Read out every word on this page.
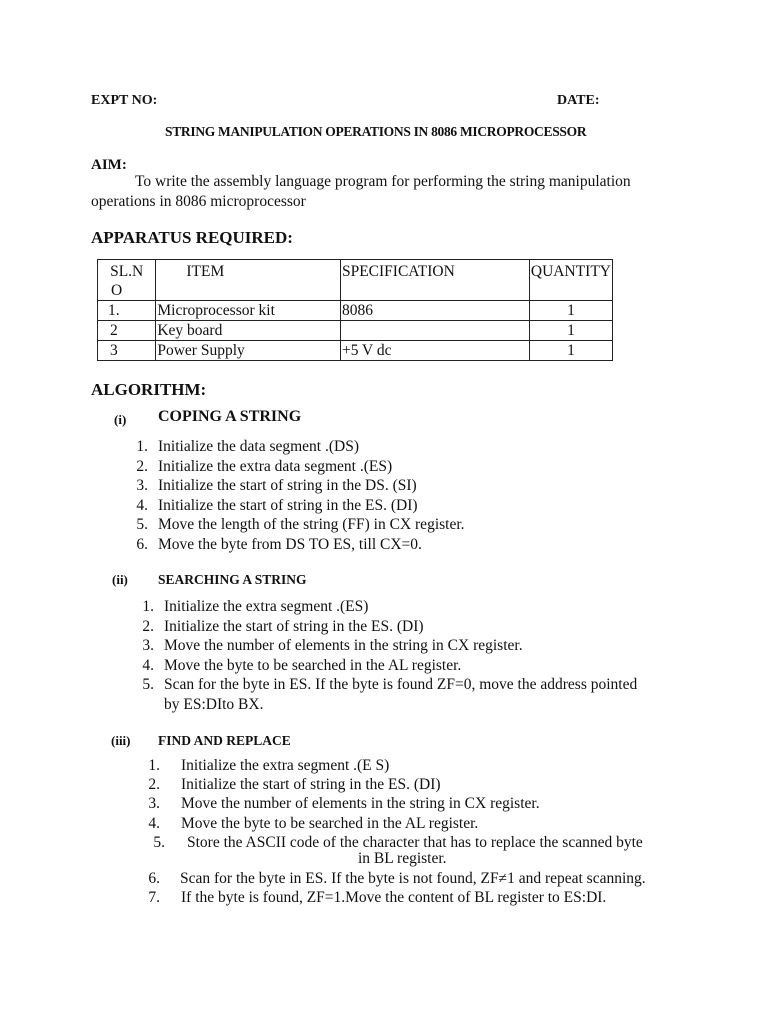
EXPT NO:	DATE:
STRING MANIPULATION OPERATIONS IN 8086 MICROPROCESSOR
AIM:
To write the assembly language program for performing the string manipulation
operations in 8086 microprocessor
APPARATUS REQUIRED:
SL.N
O	ITEM	SPECIFICATION	QUANTITY
1.	Microprocessor kit	8086	1
2	Key board		1
3	Power Supply	+5 V dc	1
ALGORITHM:
(i) COPING A STRING
1. Initialize the data segment .(DS)
2. Initialize the extra data segment .(ES)
3. Initialize the start of string in the DS. (SI)
4. Initialize the start of string in the ES. (DI)
5. Move the length of the string (FF) in CX register.
6. Move the byte from DS TO ES, till CX=0.
(ii) SEARCHING A STRING
1. Initialize the extra segment .(ES)
2. Initialize the start of string in the ES. (DI)
3. Move the number of elements in the string in CX register.
4. Move the byte to be searched in the AL register.
5. Scan for the byte in ES. If the byte is found ZF=0, move the address pointed
by ES:DIto BX.
(iii) FIND AND REPLACE
1. Initialize the extra segment .(E S)
2. Initialize the start of string in the ES. (DI)
3. Move the number of elements in the string in CX register.
4. Move the byte to be searched in the AL register.
5. Store the ASCII code of the character that has to replace the scanned byte
in BL register.
6. Scan for the byte in ES. If the byte is not found, ZF≠1 and repeat scanning.
7. If the byte is found, ZF=1.Move the content of BL register to ES:DI.
